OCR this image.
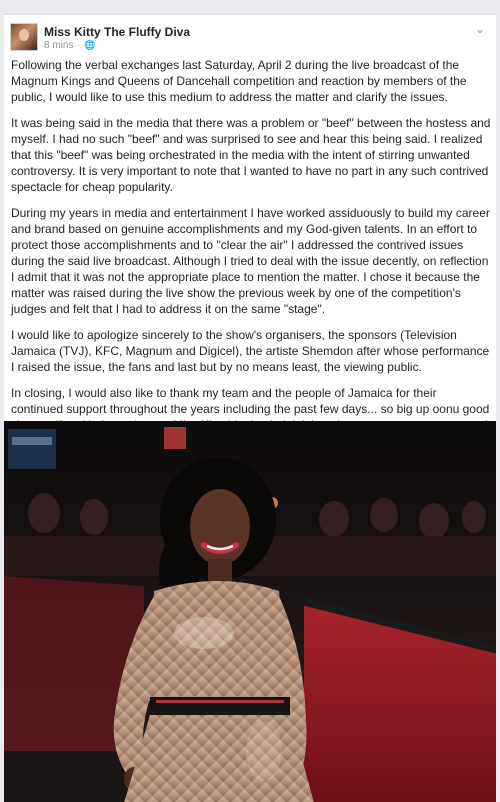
Miss Kitty The Fluffy Diva
8 mins · 🌐
⌄

Following the verbal exchanges last Saturday, April 2 during the live broadcast of the Magnum Kings and Queens of Dancehall competition and reaction by members of the public, I would like to use this medium to address the matter and clarify the issues.

It was being said in the media that there was a problem or "beef" between the hostess and myself. I had no such "beef" and was surprised to see and hear this being said. I realized that this "beef" was being orchestrated in the media with the intent of stirring unwanted controversy. It is very important to note that I wanted to have no part in any such contrived spectacle for cheap popularity.

During my years in media and entertainment I have worked assiduously to build my career and brand based on genuine accomplishments and my God-given talents. In an effort to protect those accomplishments and to "clear the air" I addressed the contrived issues during the said live broadcast. Although I tried to deal with the issue decently, on reflection I admit that it was not the appropriate place to mention the matter. I chose it because the matter was raised during the live show the previous week by one of the competition's judges and felt that I had to address it on the same "stage".

I would like to apologize sincerely to the show's organisers, the sponsors (Television Jamaica (TVJ), KFC, Magnum and Digicel), the artiste Shemdon after whose performance I raised the issue, the fans and last but by no means least, the viewing public.

In closing, I would also like to thank my team and the people of Jamaica for their continued support throughout the years including the past few days... so big up oonu good
